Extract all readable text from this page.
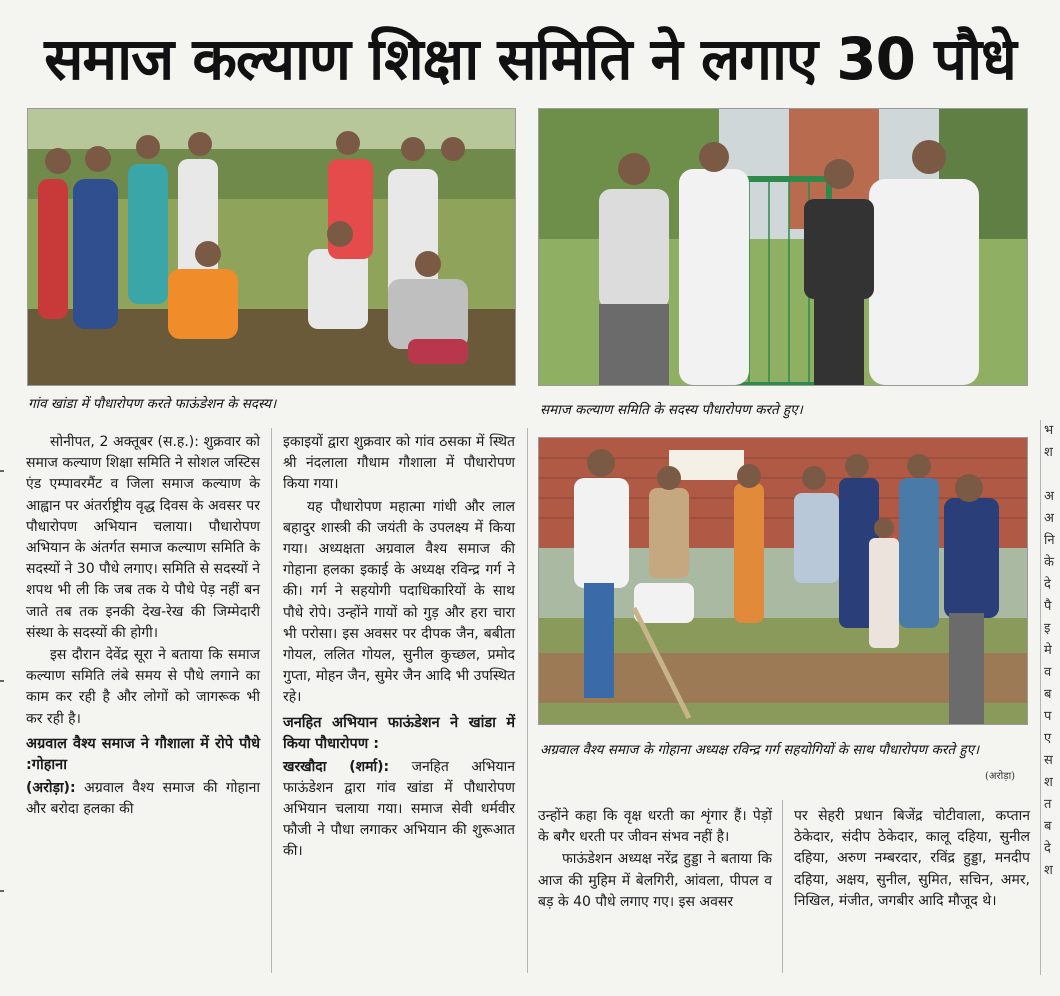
समाज कल्याण शिक्षा समिति ने लगाए 30 पौधे
गांव खांडा में पौधारोपण करते फाऊंडेशन के सदस्य।	समाज कल्याण समिति के सदस्य पौधारोपण करते हुए।
अग्रवाल वैश्य समाज के गोहाना अध्यक्ष रविन्द्र गर्ग सहयोगियों के साथ पौधारोपण करते हुए।
(अरोड़ा)

सोनीपत, 2 अक्तूबर (स.ह.): शुक्रवार को समाज कल्याण शिक्षा समिति ने सोशल जस्टिस एंड एम्पावरमैंट व जिला समाज कल्याण के आह्वान पर अंतर्राष्ट्रीय वृद्ध दिवस के अवसर पर पौधारोपण अभियान चलाया। पौधारोपण अभियान के अंतर्गत समाज कल्याण समिति के सदस्यों ने 30 पौधे लगाए। समिति से सदस्यों ने शपथ भी ली कि जब तक ये पौधे पेड़ नहीं बन जाते तब तक इनकी देख-रेख की जिम्मेदारी संस्था के सदस्यों की होगी।

इस दौरान देवेंद्र सूरा ने बताया कि समाज कल्याण समिति लंबे समय से पौधे लगाने का काम कर रही है और लोगों को जागरूक भी कर रही है।

अग्रवाल वैश्य समाज ने गौशाला में रोपे पौधे :गोहाना

(अरोड़ा): अग्रवाल वैश्य समाज की गोहाना और बरोदा हलका की

इकाइयों द्वारा शुक्रवार को गांव ठसका में स्थित श्री नंदलाला गौधाम गौशाला में पौधारोपण किया गया।

यह पौधारोपण महात्मा गांधी और लाल बहादुर शास्त्री की जयंती के उपलक्ष्य में किया गया। अध्यक्षता अग्रवाल वैश्य समाज की गोहाना हलका इकाई के अध्यक्ष रविन्द्र गर्ग ने की। गर्ग ने सहयोगी पदाधिकारियों के साथ पौधे रोपे। उन्होंने गायों को गुड़ और हरा चारा भी परोसा। इस अवसर पर दीपक जैन, बबीता गोयल, ललित गोयल, सुनील कुच्छल, प्रमोद गुप्ता, मोहन जैन, सुमेर जैन आदि भी उपस्थित रहे।

जनहित अभियान फाऊंडेशन ने खांडा में किया पौधारोपण :

खरखौदा (शर्मा): जनहित अभियान फाऊंडेशन द्वारा गांव खांडा में पौधारोपण अभियान चलाया गया। समाज सेवी धर्मवीर फौजी ने पौधा लगाकर अभियान की शुरूआत की।

उन्होंने कहा कि वृक्ष धरती का शृंगार हैं। पेड़ों के बगैर धरती पर जीवन संभव नहीं है।

फाऊंडेशन अध्यक्ष नरेंद्र हुड्डा ने बताया कि आज की मुहिम में बेलगिरी, आंवला, पीपल व बड़ के 40 पौधे लगाए गए। इस अवसर

पर सेहरी प्रधान बिजेंद्र चोटीवाला, कप्तान ठेकेदार, संदीप ठेकेदार, कालू दहिया, सुनील दहिया, अरुण नम्बरदार, रविंद्र हुड्डा, मनदीप दहिया, अक्षय, सुनील, सुमित, सचिन, अमर, निखिल, मंजीत, जगबीर आदि मौजूद थे।

भ
श
अ
अ
नि
के
दे
पै
इ
मे
व
ब
प
ए
स
श
त
ब
दे
श
